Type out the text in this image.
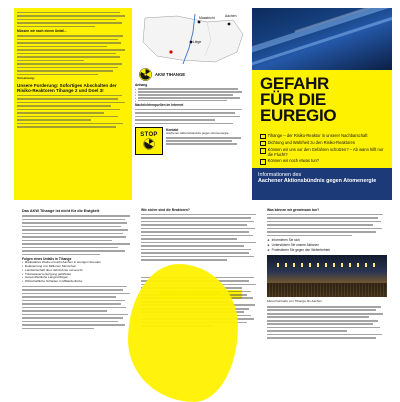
Müssen wir nach einem Unfall...

Umsetzung:

Unsere Forderung: Sofortiges Abschalten der Risiko-Reaktoren Tihange 2 und Doel 3!

Maastricht	Aachen
Liège
AKW TIHANGE

Anhang

•
•
•
•
•

Nachrichtenquellen im Internet

STOP

Kontakt

Aachener Aktionsbündnis gegen Atomenergie

GEFAHR
FÜR DIE
EUREGIO
Tihange – der Risiko-Reaktor in unserer Nachbarschaft
Dichtung und Wahrheit zu den Risiko-Reaktoren
Können wir uns vor den Gefahren schützen? – Ab wann hilft nur die Flucht?
Können wir noch etwas tun?
Informationen des
Aachener Aktionsbündnis gegen Atomenergie

Das AKW Tihange ist nicht für die Ewigkeit

Folgen eines Unfalls in Tihange

• Radioaktive Wolke erreicht Aachen in wenigen Stunden
• Evakuierung von Millionen Menschen
• Landwirtschaft über Jahrzehnte verseucht
• Trinkwasserversorgung gefährdet
• Gesundheitliche Langzeitfolgen
• Wirtschaftliche Schäden in Milliardenhöhe

Wie sicher sind die Reaktoren?	Was können wir gemeinsam tun?

➔ Informieren Sie sich
➔ Unterstützen Sie unsere Aktionen
➔ Protestieren Sie gegen den Weiterbetrieb

Menschenkette von Tihange bis Aachen
